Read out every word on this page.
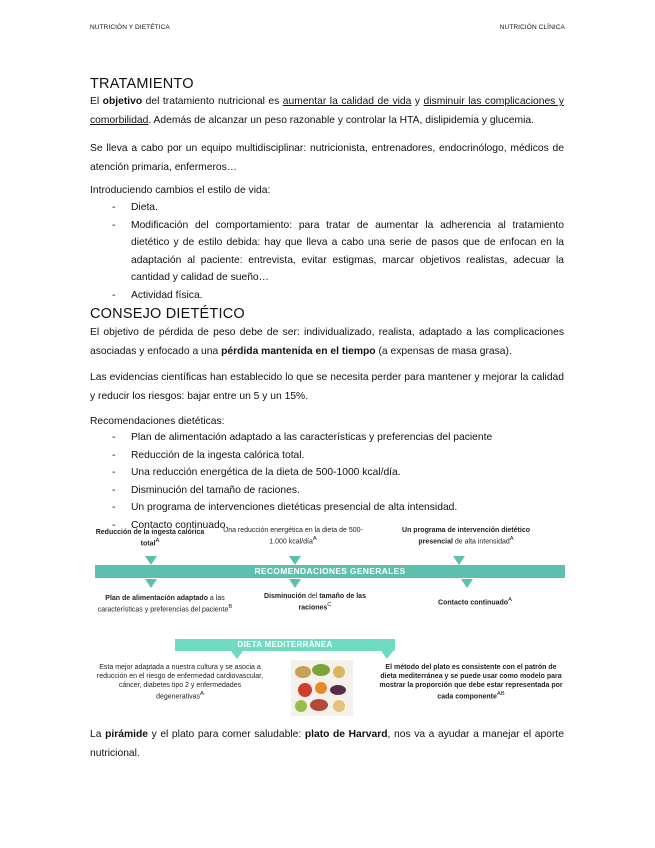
NUTRICIÓN Y DIETÉTICA	NUTRICIÓN CLÍNICA
TRATAMIENTO
El objetivo del tratamiento nutricional es aumentar la calidad de vida y disminuir las complicaciones y comorbilidad. Además de alcanzar un peso razonable y controlar la HTA, dislipidemia y glucemia.
Se lleva a cabo por un equipo multidisciplinar: nutricionista, entrenadores, endocrinólogo, médicos de atención primaria, enfermeros…
Introduciendo cambios el estilo de vida:
- Dieta.
- Modificación del comportamiento: para tratar de aumentar la adherencia al tratamiento dietético y de estilo debida: hay que lleva a cabo una serie de pasos que de enfocan en la adaptación al paciente: entrevista, evitar estigmas, marcar objetivos realistas, adecuar la cantidad y calidad de sueño…
- Actividad física.
CONSEJO DIETÉTICO
El objetivo de pérdida de peso debe de ser: individualizado, realista, adaptado a las complicaciones asociadas y enfocado a una pérdida mantenida en el tiempo (a expensas de masa grasa).
Las evidencias científicas han establecido lo que se necesita perder para mantener y mejorar la calidad y reducir los riesgos: bajar entre un 5 y un 15%.
Recomendaciones dietéticas:
- Plan de alimentación adaptado a las características y preferencias del paciente
- Reducción de la ingesta calórica total.
- Una reducción energética de la dieta de 500-1000 kcal/día.
- Disminución del tamaño de raciones.
- Un programa de intervenciones dietéticas presencial de alta intensidad.
- Contacto continuado.
Reducción de la ingesta calórica total$^A$
Una reducción energética en la dieta de 500-1.000 kcal/día$^A$
Un programa de intervención dietético presencial de alta intensidad$^A$
RECOMENDACIONES GENERALES
Plan de alimentación adaptado a las características y preferencias del paciente$^B$
Disminución del tamaño de las raciones$^C$	Contacto continuado$^A$
DIETA MEDITERRÁNEA
Esta mejor adaptada a nuestra cultura y se asocia a reducción en el riesgo de enfermedad cardiovascular, cáncer, diabetes tipo 2 y enfermedades degenerativas$^A$
El método del plato es consistente con el patrón de dieta mediterránea y se puede usar como modelo para mostrar la proporción que debe estar representada por cada componente$^{AB}$
La pirámide y el plato para comer saludable: plato de Harvard, nos va a ayudar a manejar el aporte nutricional.
